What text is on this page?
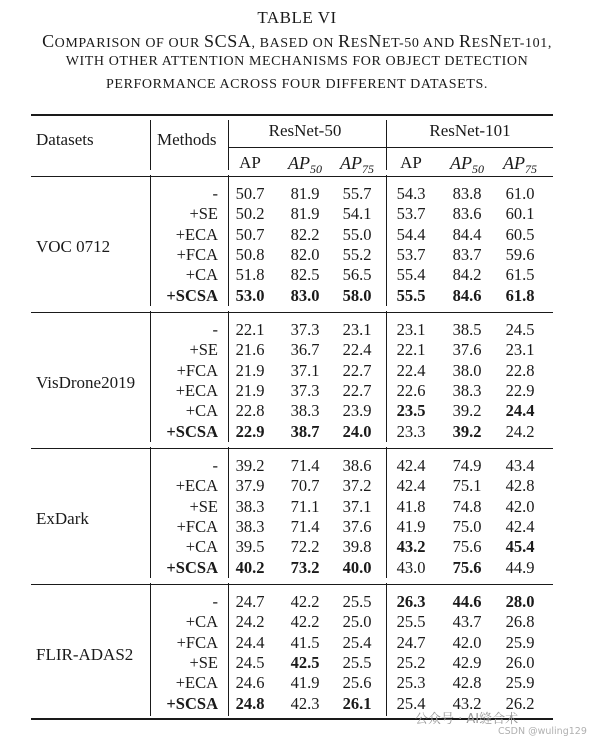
TABLE VI
COMPARISON OF OUR SCSA, BASED ON RESNET-50 AND RESNET-101,
WITH OTHER ATTENTION MECHANISMS FOR OBJECT DETECTION
PERFORMANCE ACROSS FOUR DIFFERENT DATASETS.
Datasets	Methods	ResNet-50	ResNet-101
AP	$AP_{50}$	$AP_{75}$	AP	$AP_{50}$	$AP_{75}$
VOC 0712
-	50.7	81.9	55.7	54.3	83.8	61.0
+SE	50.2	81.9	54.1	53.7	83.6	60.1
+ECA	50.7	82.2	55.0	54.4	84.4	60.5
+FCA	50.8	82.0	55.2	53.7	83.7	59.6
+CA	51.8	82.5	56.5	55.4	84.2	61.5
+SCSA	53.0	83.0	58.0	55.5	84.6	61.8
VisDrone2019
-	22.1	37.3	23.1	23.1	38.5	24.5
+SE	21.6	36.7	22.4	22.1	37.6	23.1
+FCA	21.9	37.1	22.7	22.4	38.0	22.8
+ECA	21.9	37.3	22.7	22.6	38.3	22.9
+CA	22.8	38.3	23.9	23.5	39.2	24.4
+SCSA	22.9	38.7	24.0	23.3	39.2	24.2
ExDark
-	39.2	71.4	38.6	42.4	74.9	43.4
+ECA	37.9	70.7	37.2	42.4	75.1	42.8
+SE	38.3	71.1	37.1	41.8	74.8	42.0
+FCA	38.3	71.4	37.6	41.9	75.0	42.4
+CA	39.5	72.2	39.8	43.2	75.6	45.4
+SCSA	40.2	73.2	40.0	43.0	75.6	44.9
FLIR-ADAS2
-	24.7	42.2	25.5	26.3	44.6	28.0
+CA	24.2	42.2	25.0	25.5	43.7	26.8
+FCA	24.4	41.5	25.4	24.7	42.0	25.9
+SE	24.5	42.5	25.5	25.2	42.9	26.0
+ECA	24.6	41.9	25.6	25.3	42.8	25.9
+SCSA	24.8	42.3	26.1	25.4	43.2	26.2
公众号 · AI缝合术
CSDN @wuling129
